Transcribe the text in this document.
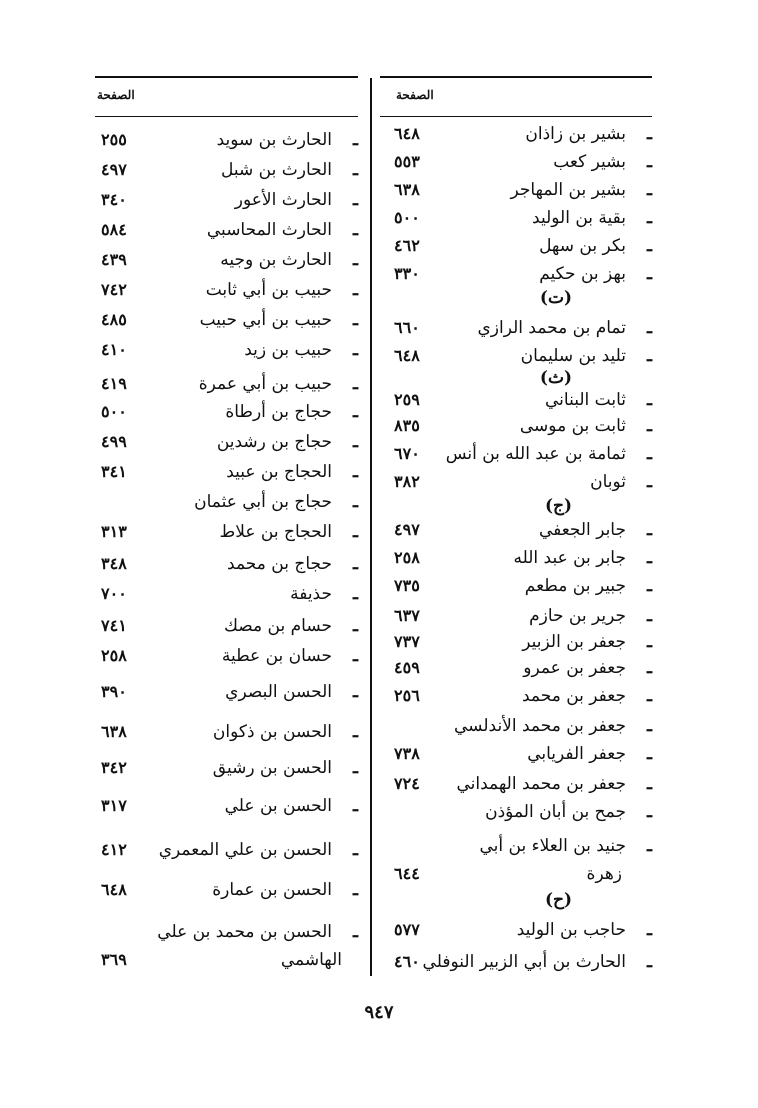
الصفحة
ـ
بشير بن زاذان
٦٤٨
ـ
بشير كعب
٥٥٣
ـ
بشير بن المهاجر
٦٣٨
ـ
بقية بن الوليد
٥٠٠
ـ
بكر بن سهل
٤٦٢
ـ
بهز بن حكيم
٣٣٠
(ت)
ـ
تمام بن محمد الرازي
٦٦٠
ـ
تليد بن سليمان
٦٤٨
(ث)
ـ
ثابت البناني
٢٥٩
ـ
ثابت بن موسى
٨٣٥
ـ
ثمامة بن عبد الله بن أنس
٦٧٠
ـ
ثوبان
٣٨٢
(ج)
ـ
جابر الجعفي
٤٩٧
ـ
جابر بن عبد الله
٢٥٨
ـ
جبير بن مطعم
٧٣٥
ـ
جرير بن حازم
٦٣٧
ـ
جعفر بن الزبير
٧٣٧
ـ
جعفر بن عمرو
٤٥٩
ـ
جعفر بن محمد
٢٥٦
ـ
جعفر بن محمد الأندلسي
ـ
جعفر الفريابي
٧٣٨
ـ
جعفر بن محمد الهمداني
٧٢٤
ـ
جمح بن أبان المؤذن
ـ
جنيد بن العلاء بن أبي
زهرة
٦٤٤
(ح)
ـ
حاجب بن الوليد
٥٧٧
ـ
الحارث بن أبي الزبير النوفلي
٤٦٠
الصفحة
ـ
الحارث بن سويد
٢٥٥
ـ
الحارث بن شبل
٤٩٧
ـ
الحارث الأعور
٣٤٠
ـ
الحارث المحاسبي
٥٨٤
ـ
الحارث بن وجيه
٤٣٩
ـ
حبيب بن أبي ثابت
٧٤٢
ـ
حبيب بن أبي حبيب
٤٨٥
ـ
حبيب بن زيد
٤١٠
ـ
حبيب بن أبي عمرة
٤١٩
ـ
حجاج بن أرطاة
٥٠٠
ـ
حجاج بن رشدين
٤٩٩
ـ
الحجاج بن عبيد
٣٤١
ـ
حجاج بن أبي عثمان
ـ
الحجاج بن علاط
٣١٣
ـ
حجاج بن محمد
٣٤٨
ـ
حذيفة
٧٠٠
ـ
حسام بن مصك
٧٤١
ـ
حسان بن عطية
٢٥٨
ـ
الحسن البصري
٣٩٠
ـ
الحسن بن ذكوان
٦٣٨
ـ
الحسن بن رشيق
٣٤٢
ـ
الحسن بن علي
٣١٧
ـ
الحسن بن علي المعمري
٤١٢
ـ
الحسن بن عمارة
٦٤٨
ـ
الحسن بن محمد بن علي
الهاشمي
٣٦٩
٩٤٧
